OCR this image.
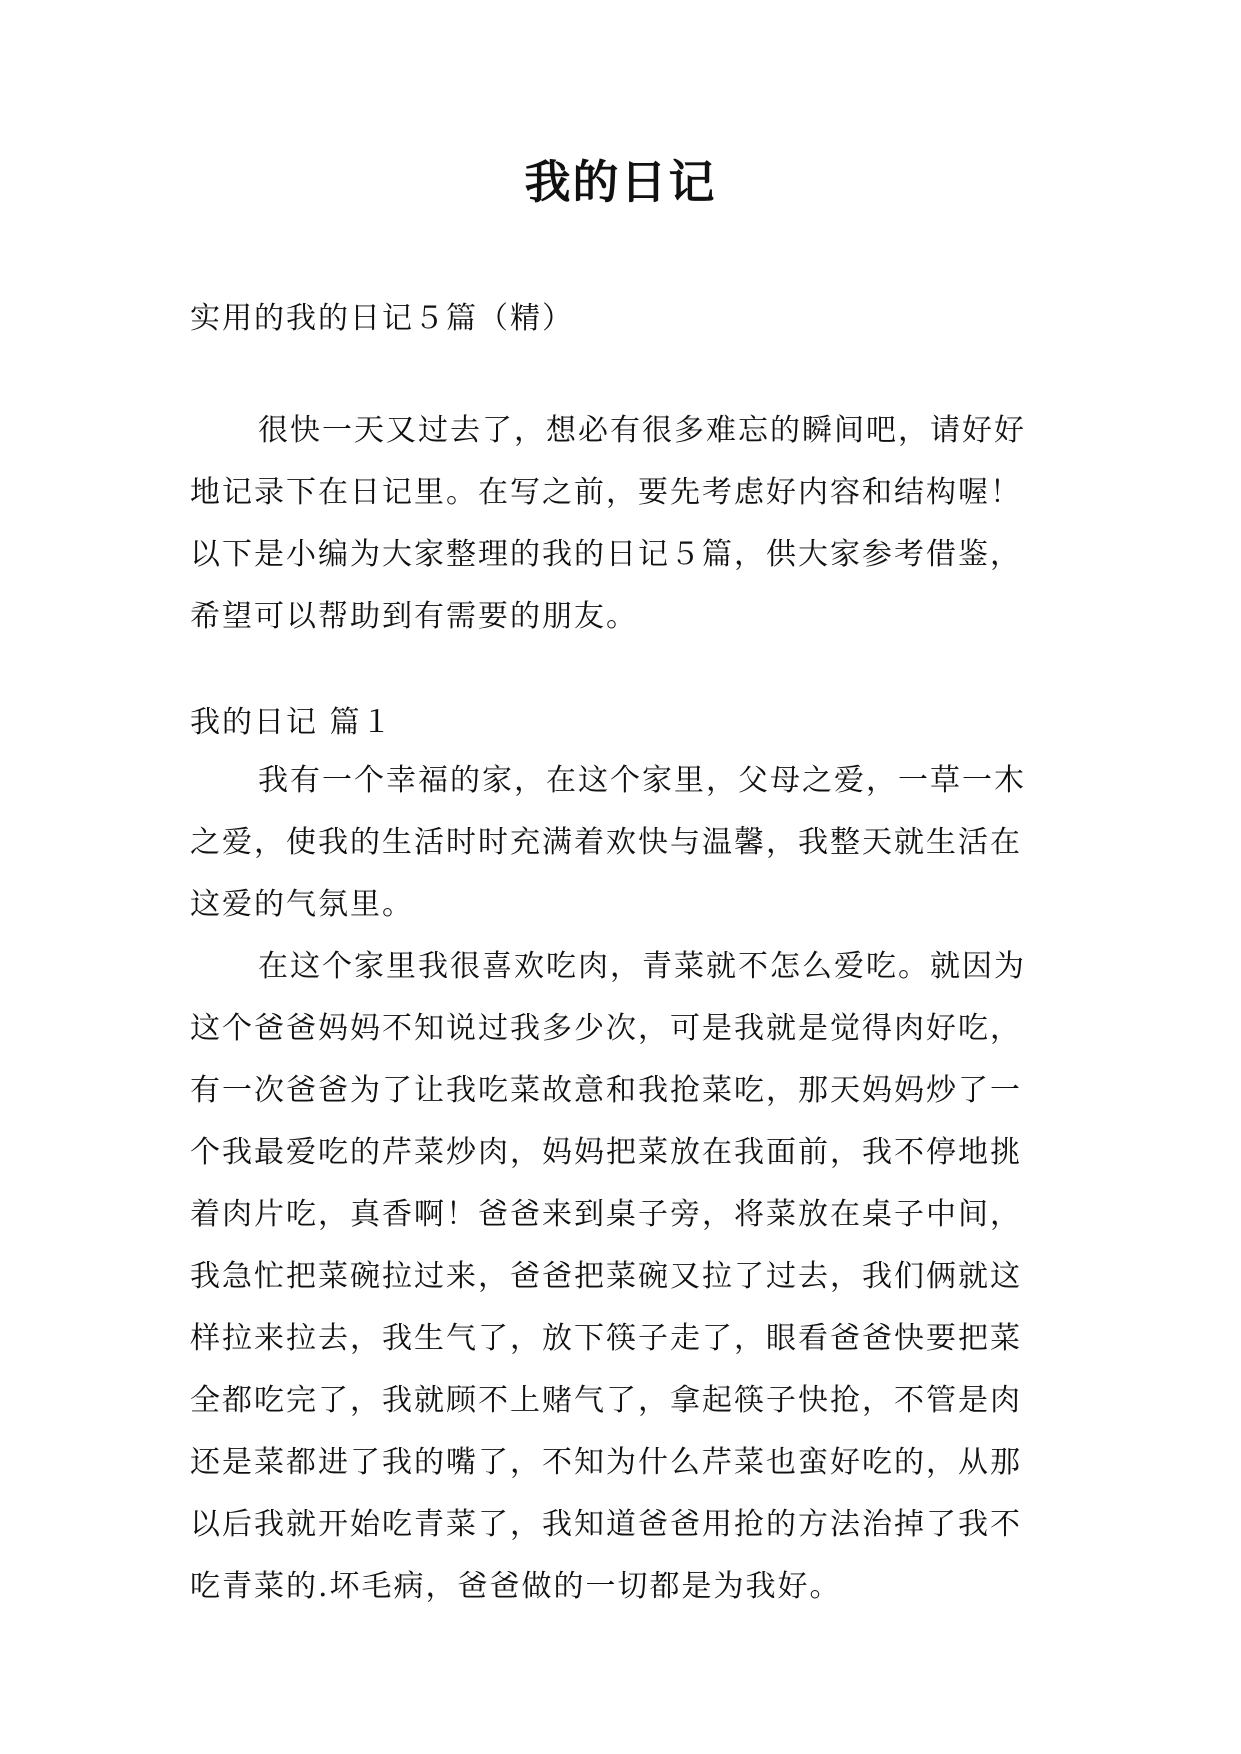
我的日记
实用的我的日记５篇（精）
很快一天又过去了，想必有很多难忘的瞬间吧，请好好
地记录下在日记里。在写之前，要先考虑好内容和结构喔！
以下是小编为大家整理的我的日记５篇，供大家参考借鉴，
希望可以帮助到有需要的朋友。
我的日记 篇１
我有一个幸福的家，在这个家里，父母之爱，一草一木
之爱，使我的生活时时充满着欢快与温馨，我整天就生活在
这爱的气氛里。
在这个家里我很喜欢吃肉，青菜就不怎么爱吃。就因为
这个爸爸妈妈不知说过我多少次，可是我就是觉得肉好吃，
有一次爸爸为了让我吃菜故意和我抢菜吃，那天妈妈炒了一
个我最爱吃的芹菜炒肉，妈妈把菜放在我面前，我不停地挑
着肉片吃，真香啊！爸爸来到桌子旁，将菜放在桌子中间，
我急忙把菜碗拉过来，爸爸把菜碗又拉了过去，我们俩就这
样拉来拉去，我生气了，放下筷子走了，眼看爸爸快要把菜
全都吃完了，我就顾不上赌气了，拿起筷子快抢，不管是肉
还是菜都进了我的嘴了，不知为什么芹菜也蛮好吃的，从那
以后我就开始吃青菜了，我知道爸爸用抢的方法治掉了我不
吃青菜的.坏毛病，爸爸做的一切都是为我好。
